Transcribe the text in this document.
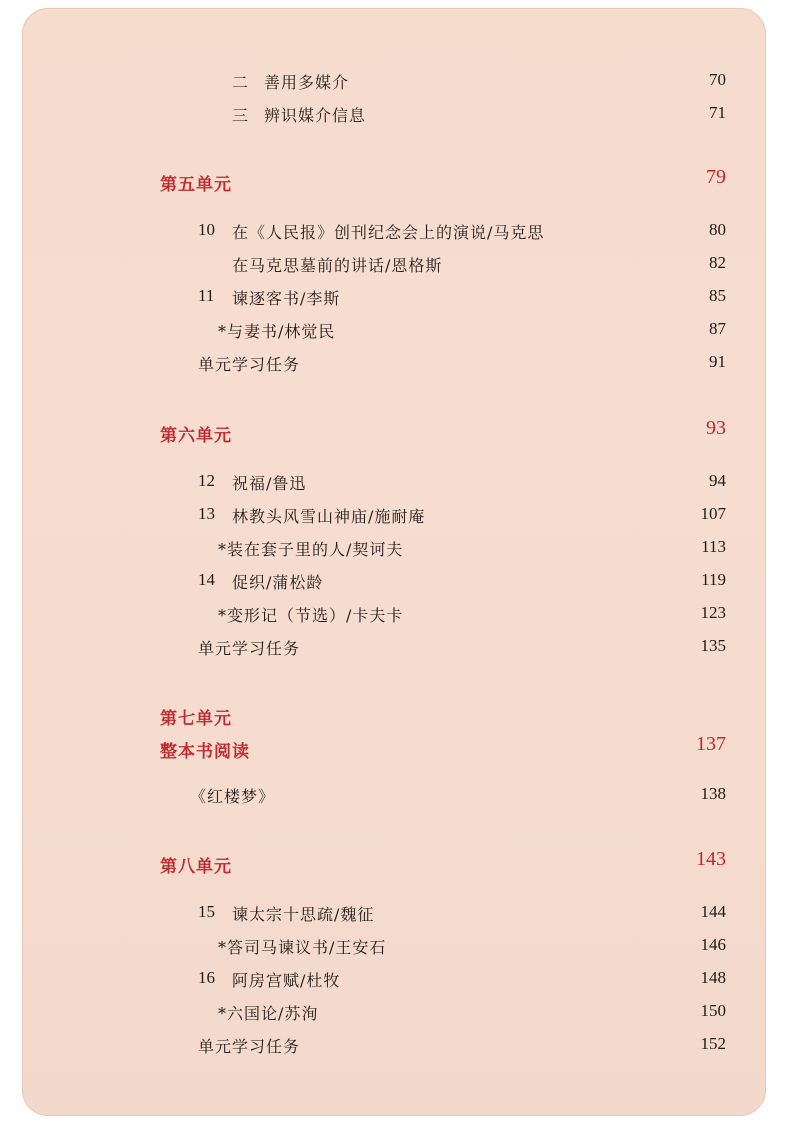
二 善用多媒介	70
三 辨识媒介信息	71
第五单元	79
10 在《人民报》创刊纪念会上的演说/马克思	80
在马克思墓前的讲话/恩格斯	82
11 谏逐客书/李斯	85
*与妻书/林觉民	87
单元学习任务	91
第六单元	93
12 祝福/鲁迅	94
13 林教头风雪山神庙/施耐庵	107
*装在套子里的人/契诃夫	113
14 促织/蒲松龄	119
*变形记（节选）/卡夫卡	123
单元学习任务	135
第七单元
整本书阅读	137
《红楼梦》	138
第八单元	143
15 谏太宗十思疏/魏征	144
*答司马谏议书/王安石	146
16 阿房宫赋/杜牧	148
*六国论/苏洵	150
单元学习任务	152
